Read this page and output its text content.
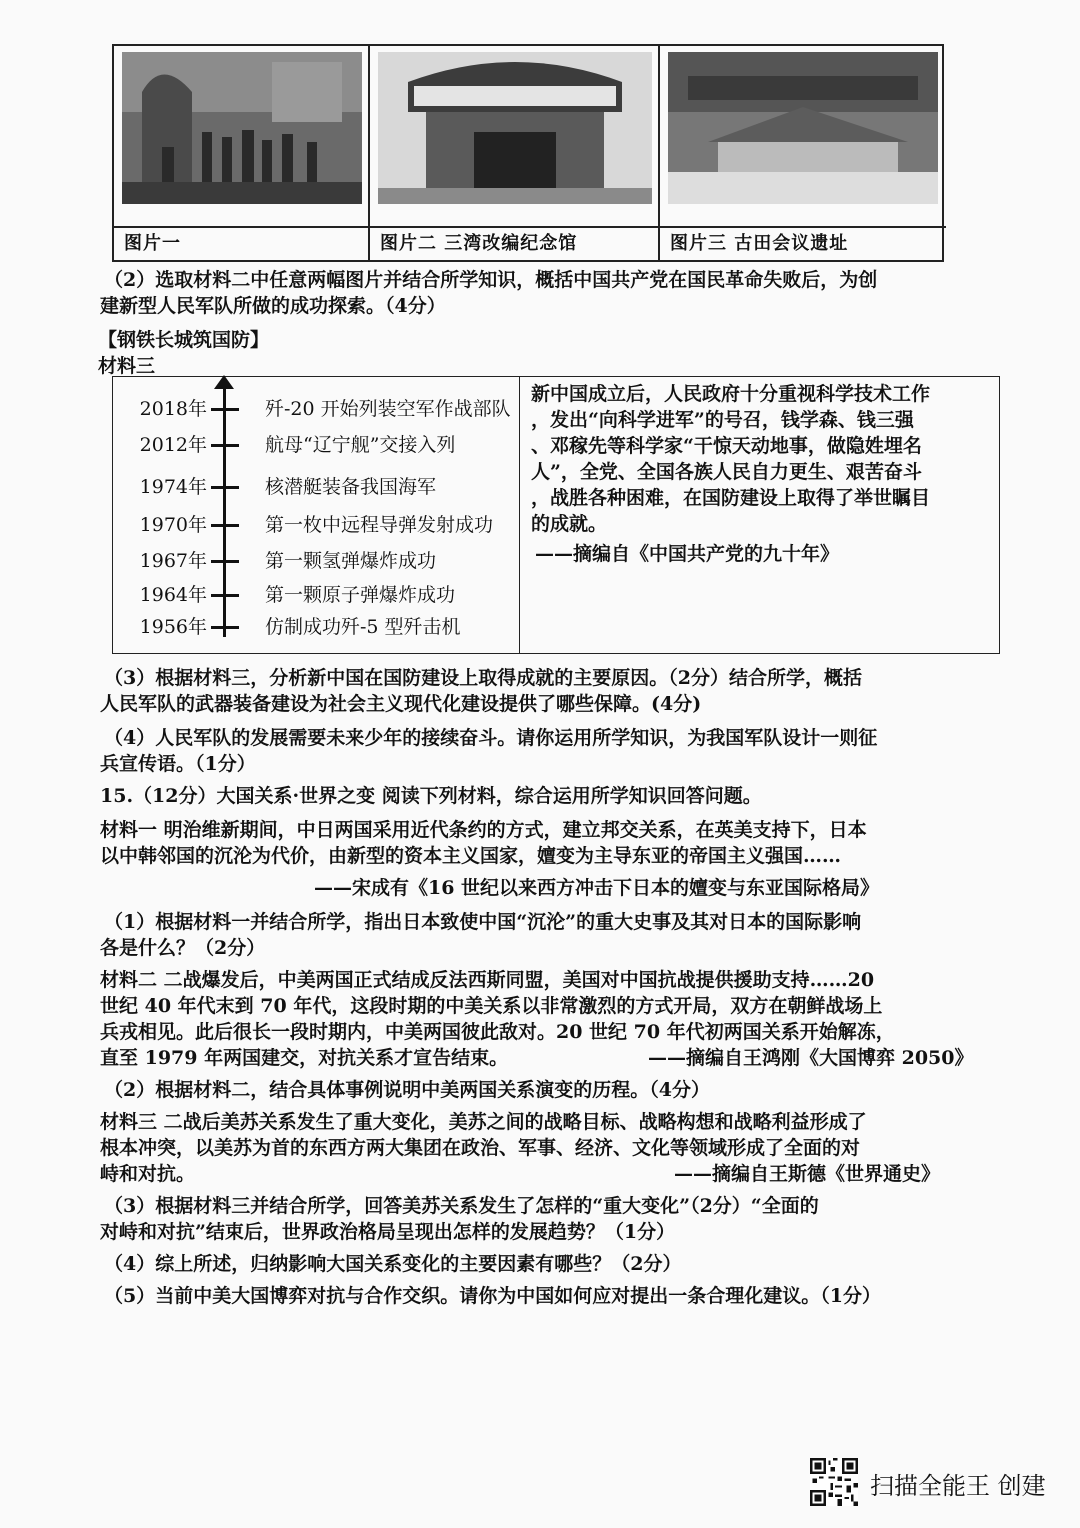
图片一	图片二 三湾改编纪念馆	图片三 古田会议遗址
（2）选取材料二中任意两幅图片并结合所学知识，概括中国共产党在国民革命失败后，为创
建新型人民军队所做的成功探索。（4分）
【钢铁长城筑国防】
材料三
2018年	歼-20 开始列装空军作战部队
2012年	航母“辽宁舰”交接入列
1974年	核潜艇装备我国海军
1970年	第一枚中远程导弹发射成功
1967年	第一颗氢弹爆炸成功
1964年	第一颗原子弹爆炸成功
1956年	仿制成功歼-5 型歼击机
新中国成立后，人民政府十分重视科学技术工作
，发出“向科学进军”的号召，钱学森、钱三强
、邓稼先等科学家“干惊天动地事，做隐姓埋名
人”，全党、全国各族人民自力更生、艰苦奋斗
，战胜各种困难，在国防建设上取得了举世瞩目
的成就。
——摘编自《中国共产党的九十年》
（3）根据材料三，分析新中国在国防建设上取得成就的主要原因。（2分）结合所学，概括
人民军队的武器装备建设为社会主义现代化建设提供了哪些保障。(4分)
（4）人民军队的发展需要未来少年的接续奋斗。请你运用所学知识，为我国军队设计一则征
兵宣传语。（1分）
15.（12分）大国关系·世界之变 阅读下列材料，综合运用所学知识回答问题。
材料一 明治维新期间，中日两国采用近代条约的方式，建立邦交关系，在英美支持下，日本
以中韩邻国的沉沦为代价，由新型的资本主义国家，嬗变为主导东亚的帝国主义强国……
——宋成有《16 世纪以来西方冲击下日本的嬗变与东亚国际格局》
（1）根据材料一并结合所学，指出日本致使中国“沉沦”的重大史事及其对日本的国际影响
各是什么？（2分）
材料二 二战爆发后，中美两国正式结成反法西斯同盟，美国对中国抗战提供援助支持……20
世纪 40 年代末到 70 年代，这段时期的中美关系以非常激烈的方式开局，双方在朝鲜战场上
兵戎相见。此后很长一段时期内，中美两国彼此敌对。20 世纪 70 年代初两国关系开始解冻，
直至 1979 年两国建交，对抗关系才宣告结束。	——摘编自王鸿刚《大国博弈 2050》
（2）根据材料二，结合具体事例说明中美两国关系演变的历程。（4分）
材料三 二战后美苏关系发生了重大变化，美苏之间的战略目标、战略构想和战略利益形成了
根本冲突，以美苏为首的东西方两大集团在政治、军事、经济、文化等领域形成了全面的对
峙和对抗。	——摘编自王斯德《世界通史》
（3）根据材料三并结合所学，回答美苏关系发生了怎样的“重大变化”（2分）“全面的
对峙和对抗”结束后，世界政治格局呈现出怎样的发展趋势？（1分）
（4）综上所述，归纳影响大国关系变化的主要因素有哪些？（2分）
（5）当前中美大国博弈对抗与合作交织。请你为中国如何应对提出一条合理化建议。（1分）
扫描全能王 创建
